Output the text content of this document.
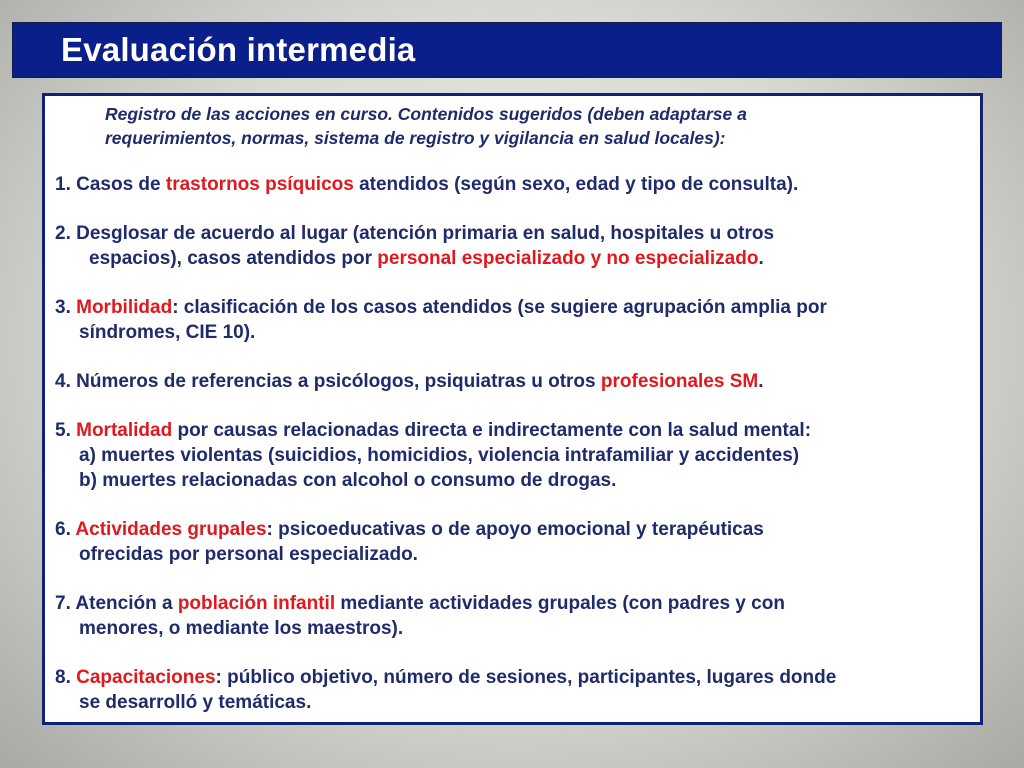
Evaluación intermedia
Registro de las acciones en curso. Contenidos sugeridos (deben adaptarse a
requerimientos, normas, sistema de registro y vigilancia en salud locales):
1. Casos de trastornos psíquicos atendidos (según sexo, edad y tipo de consulta).
2. Desglosar de acuerdo al lugar (atención primaria en salud, hospitales u otros
espacios), casos atendidos por personal especializado y no especializado.
3. Morbilidad: clasificación de los casos atendidos (se sugiere agrupación amplia por
síndromes, CIE 10).
4. Números de referencias a psicólogos, psiquiatras u otros profesionales SM.
5. Mortalidad por causas relacionadas directa e indirectamente con la salud mental:
a) muertes violentas (suicidios, homicidios, violencia intrafamiliar y accidentes)
b) muertes relacionadas con alcohol o consumo de drogas.
6. Actividades grupales: psicoeducativas o de apoyo emocional y terapéuticas
ofrecidas por personal especializado.
7. Atención a población infantil mediante actividades grupales (con padres y con
menores, o mediante los maestros).
8. Capacitaciones: público objetivo, número de sesiones, participantes, lugares donde
se desarrolló y temáticas.
